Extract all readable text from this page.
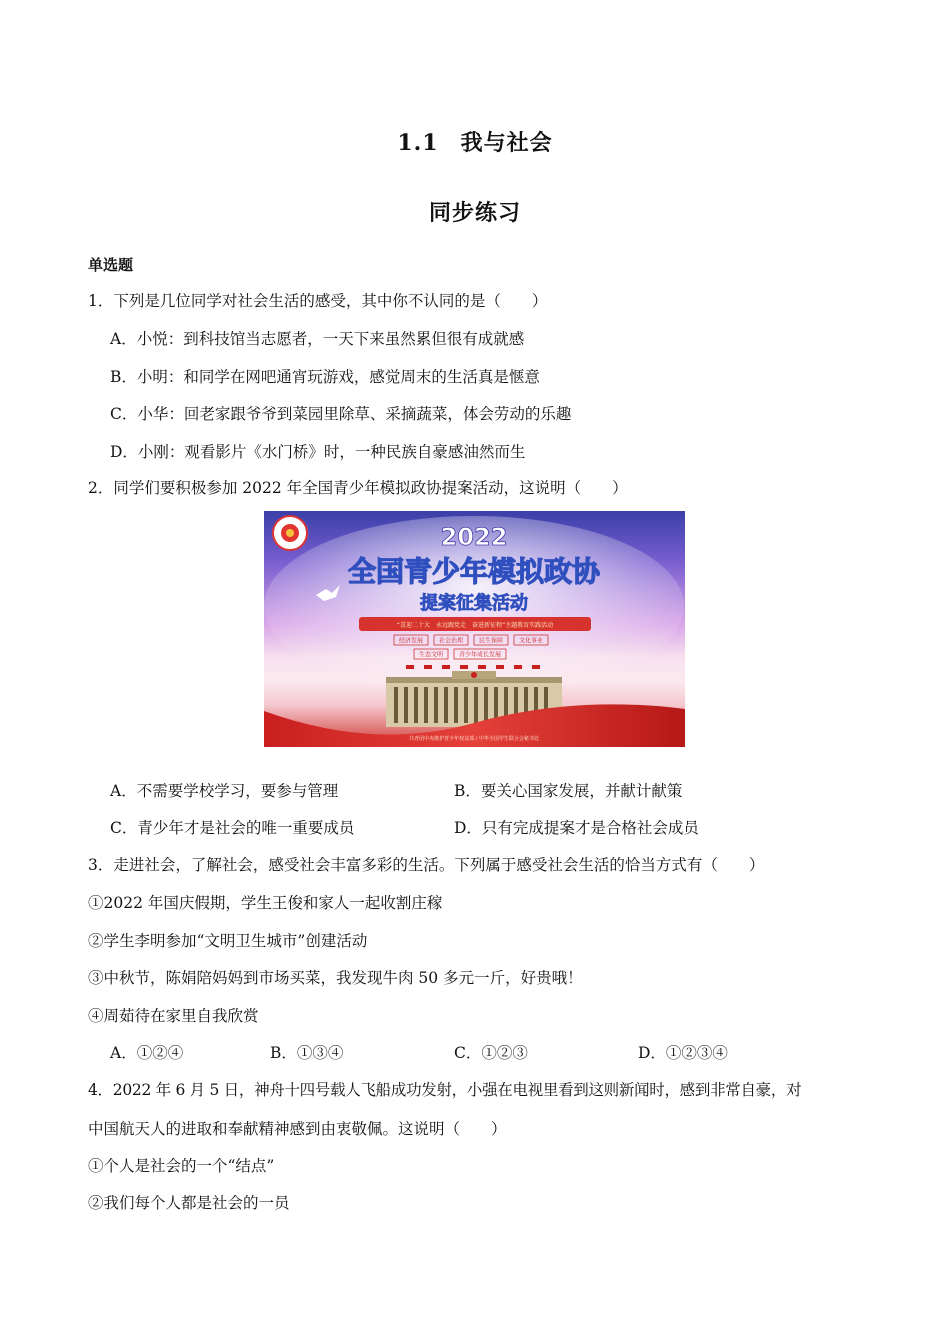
1.1 我与社会
同步练习
单选题
1．下列是几位同学对社会生活的感受，其中你不认同的是（　　）
A．小悦：到科技馆当志愿者，一天下来虽然累但很有成就感
B．小明：和同学在网吧通宵玩游戏，感觉周末的生活真是惬意
C．小华：回老家跟爷爷到菜园里除草、采摘蔬菜，体会劳动的乐趣
D．小刚：观看影片《水门桥》时，一种民族自豪感油然而生
2．同学们要积极参加 2022 年全国青少年模拟政协提案活动，这说明（　　）
2022
全国青少年模拟政协
提案征集活动
“喜迎二十大　永远跟党走　奋进新征程”主题教育实践活动
经济发展	社会治理	民生保障	文化事业
生态文明	青少年成长发展
共青团中央维护青少年权益部 / 中华全国学生联合会秘书处
A．不需要学校学习，要参与管理	B．要关心国家发展，并献计献策
C．青少年才是社会的唯一重要成员	D．只有完成提案才是合格社会成员
3．走进社会，了解社会，感受社会丰富多彩的生活。下列属于感受社会生活的恰当方式有（　　）
①2022 年国庆假期，学生王俊和家人一起收割庄稼
②学生李明参加“文明卫生城市”创建活动
③中秋节，陈娟陪妈妈到市场买菜，我发现牛肉 50 多元一斤，好贵哦！
④周茹待在家里自我欣赏
A．①②④	B．①③④	C．①②③	D．①②③④
4．2022 年 6 月 5 日，神舟十四号载人飞船成功发射，小强在电视里看到这则新闻时，感到非常自豪，对
中国航天人的进取和奉献精神感到由衷敬佩。这说明（　　）
①个人是社会的一个“结点”
②我们每个人都是社会的一员
